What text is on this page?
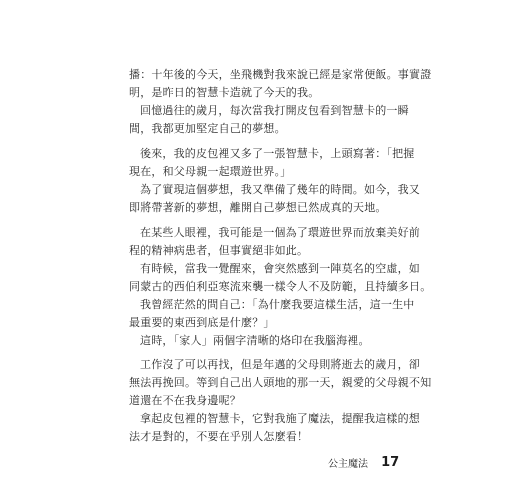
播：十年後的今天，坐飛機對我來說已經是家常便飯。事實證
明，是昨日的智慧卡造就了今天的我。
回憶過往的歲月，每次當我打開皮包看到智慧卡的一瞬
間，我都更加堅定自己的夢想。
後來，我的皮包裡又多了一張智慧卡，上頭寫著：「把握
現在，和父母親一起環遊世界。」
為了實現這個夢想，我又準備了幾年的時間。如今，我又
即將帶著新的夢想，離開自己夢想已然成真的天地。
在某些人眼裡，我可能是一個為了環遊世界而放棄美好前
程的精神病患者，但事實絕非如此。
有時候，當我一覺醒來，會突然感到一陣莫名的空虛，如
同蒙古的西伯利亞寒流來襲一樣令人不及防範，且持續多日。
我曾經茫然的問自己：「為什麼我要這樣生活，這一生中
最重要的東西到底是什麼？」
這時，「家人」兩個字清晰的烙印在我腦海裡。
工作沒了可以再找，但是年邁的父母則將逝去的歲月，卻
無法再挽回。等到自己出人頭地的那一天，親愛的父母親不知
道還在不在我身邊呢？
拿起皮包裡的智慧卡，它對我施了魔法，提醒我這樣的想
法才是對的，不要在乎別人怎麼看！
公主魔法 17
